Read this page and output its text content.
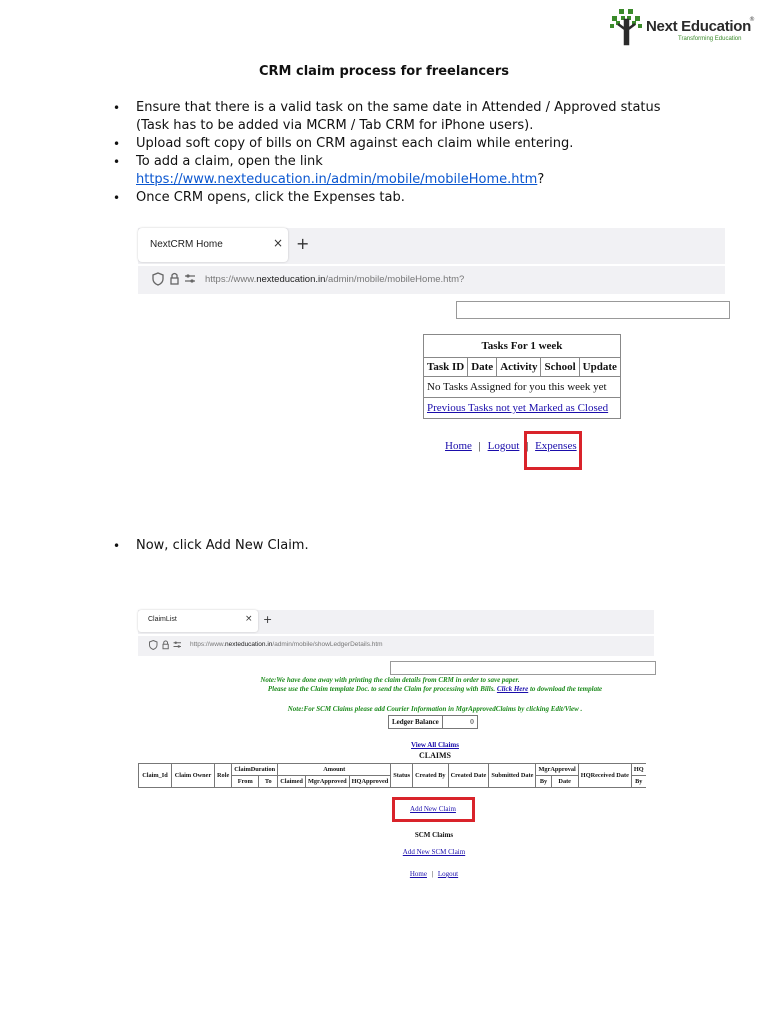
Next Education
®
Transforming Education
CRM claim process for freelancers
• Ensure that there is a valid task on the same date in Attended / Approved status
(Task has to be added via MCRM / Tab CRM for iPhone users).
• Upload soft copy of bills on CRM against each claim while entering.
• To add a claim, open the link
https://www.nexteducation.in/admin/mobile/mobileHome.htm?
• Once CRM opens, click the Expenses tab.
• Now, click Add New Claim.
NextCRM Home	× +
https://www.nexteducation.in/admin/mobile/mobileHome.htm?
Tasks For 1 week
Task ID	Date	Activity	School	Update
No Tasks Assigned for you this week yet
Previous Tasks not yet Marked as Closed
Home | Logout | Expenses
ClaimList	× +
https://www.nexteducation.in/admin/mobile/showLedgerDetails.htm
Note:We have done away with printing the claim details from CRM in order to save paper.
Please use the Claim template Doc. to send the Claim for processing with Bills. Click Here to download the template
Note:For SCM Claims please add Courier Information in MgrApprovedClaims by clicking Edit/View .
Ledger Balance	0
View All Claims
CLAIMS
Claim_Id	Claim Owner	Role	ClaimDuration		Amount			Status	Created By	Created Date	Submitted Date	MgrApproval		HQReceived Date	HQ
			From	To	Claimed	MgrApproved	HQApproved					By	Date		By
Add New Claim
SCM Claims
Add New SCM Claim
Home | Logout
